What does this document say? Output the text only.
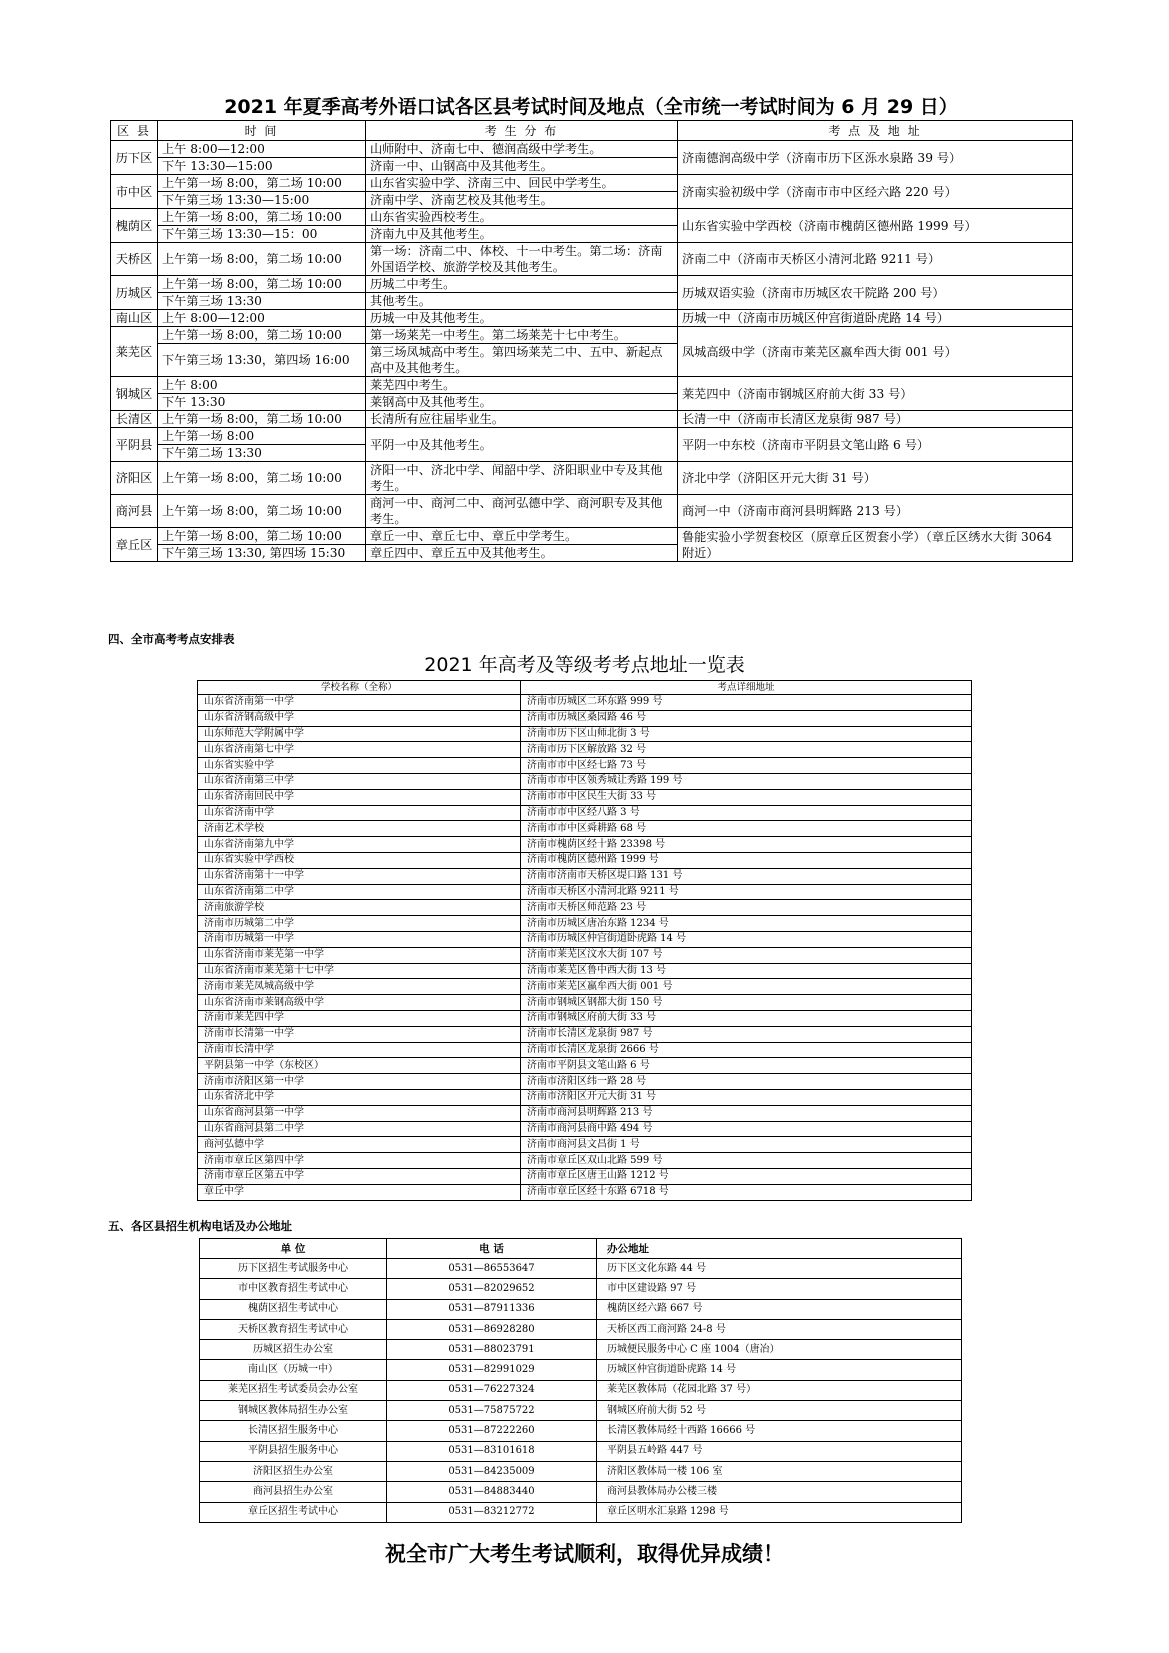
2021 年夏季高考外语口试各区县考试时间及地点（全市统一考试时间为 6 月 29 日）
区 县	时 间	考 生 分 布	考 点 及 地 址
历下区	上午 8:00—12:00	山师附中、济南七中、德润高级中学考生。	济南德润高级中学（济南市历下区泺水泉路 39 号）
	下午 13:30—15:00	济南一中、山钢高中及其他考生。	
市中区	上午第一场 8:00，第二场 10:00	山东省实验中学、济南三中、回民中学考生。	济南实验初级中学（济南市市中区经六路 220 号）
	下午第三场 13:30—15:00	济南中学、济南艺校及其他考生。	
槐荫区	上午第一场 8:00，第二场 10:00	山东省实验西校考生。	山东省实验中学西校（济南市槐荫区德州路 1999 号）
	下午第三场 13:30—15：00	济南九中及其他考生。	
天桥区	上午第一场 8:00，第二场 10:00	第一场：济南二中、体校、十一中考生。第二场：济南外国语学校、旅游学校及其他考生。	济南二中（济南市天桥区小清河北路 9211 号）
历城区	上午第一场 8:00，第二场 10:00	历城二中考生。	历城双语实验（济南市历城区农干院路 200 号）
	下午第三场 13:30	其他考生。	
南山区	上午 8:00—12:00	历城一中及其他考生。	历城一中（济南市历城区仲宫街道卧虎路 14 号）
莱芜区	上午第一场 8:00，第二场 10:00	第一场莱芜一中考生。第二场莱芜十七中考生。	凤城高级中学（济南市莱芜区嬴牟西大街 001 号）
	下午第三场 13:30，第四场 16:00	第三场凤城高中考生。第四场莱芜二中、五中、新起点高中及其他考生。	
钢城区	上午 8:00	莱芜四中考生。	莱芜四中（济南市钢城区府前大街 33 号）
	下午 13:30	莱钢高中及其他考生。	
长清区	上午第一场 8:00，第二场 10:00	长清所有应往届毕业生。	长清一中（济南市长清区龙泉街 987 号）
平阴县	上午第一场 8:00	平阴一中及其他考生。	平阴一中东校（济南市平阴县文笔山路 6 号）
	下午第二场 13:30		
济阳区	上午第一场 8:00，第二场 10:00	济阳一中、济北中学、闻韶中学、济阳职业中专及其他考生。	济北中学（济阳区开元大街 31 号）
商河县	上午第一场 8:00，第二场 10:00	商河一中、商河二中、商河弘德中学、商河职专及其他考生。	商河一中（济南市商河县明辉路 213 号）
章丘区	上午第一场 8:00，第二场 10:00	章丘一中、章丘七中、章丘中学考生。	鲁能实验小学贺套校区（原章丘区贺套小学）（章丘区绣水大街 3064 附近）
	下午第三场 13:30, 第四场 15:30	章丘四中、章丘五中及其他考生。	
四、全市高考考点安排表
2021 年高考及等级考考点地址一览表
学校名称（全称）	考点详细地址
山东省济南第一中学	济南市历城区二环东路 999 号
山东省济钢高级中学	济南市历城区桑园路 46 号
山东师范大学附属中学	济南市历下区山师北街 3 号
山东省济南第七中学	济南市历下区解放路 32 号
山东省实验中学	济南市市中区经七路 73 号
山东省济南第三中学	济南市市中区领秀城让秀路 199 号
山东省济南回民中学	济南市市中区民生大街 33 号
山东省济南中学	济南市市中区经八路 3 号
济南艺术学校	济南市市中区舜耕路 68 号
山东省济南第九中学	济南市槐荫区经十路 23398 号
山东省实验中学西校	济南市槐荫区德州路 1999 号
山东省济南第十一中学	济南市济南市天桥区堤口路 131 号
山东省济南第二中学	济南市天桥区小清河北路 9211 号
济南旅游学校	济南市天桥区师范路 23 号
济南市历城第二中学	济南市历城区唐冶东路 1234 号
济南市历城第一中学	济南市历城区仲宫街道卧虎路 14 号
山东省济南市莱芜第一中学	济南市莱芜区汶水大街 107 号
山东省济南市莱芜第十七中学	济南市莱芜区鲁中西大街 13 号
济南市莱芜凤城高级中学	济南市莱芜区嬴牟西大街 001 号
山东省济南市莱钢高级中学	济南市钢城区钢都大街 150 号
济南市莱芜四中学	济南市钢城区府前大街 33 号
济南市长清第一中学	济南市长清区龙泉街 987 号
济南市长清中学	济南市长清区龙泉街 2666 号
平阴县第一中学（东校区）	济南市平阴县文笔山路 6 号
济南市济阳区第一中学	济南市济阳区纬一路 28 号
山东省济北中学	济南市济阳区开元大街 31 号
山东省商河县第一中学	济南市商河县明辉路 213 号
山东省商河县第二中学	济南市商河县商中路 494 号
商河弘德中学	济南市商河县文昌街 1 号
济南市章丘区第四中学	济南市章丘区双山北路 599 号
济南市章丘区第五中学	济南市章丘区唐王山路 1212 号
章丘中学	济南市章丘区经十东路 6718 号
五、各区县招生机构电话及办公地址
单 位	电 话	办公地址
历下区招生考试服务中心	0531—86553647	历下区文化东路 44 号
市中区教育招生考试中心	0531—82029652	市中区建设路 97 号
槐荫区招生考试中心	0531—87911336	槐荫区经六路 667 号
天桥区教育招生考试中心	0531—86928280	天桥区西工商河路 24-8 号
历城区招生办公室	0531—88023791	历城便民服务中心 C 座 1004（唐冶）
南山区（历城一中）	0531—82991029	历城区仲宫街道卧虎路 14 号
莱芜区招生考试委员会办公室	0531—76227324	莱芜区教体局（花园北路 37 号）
钢城区教体局招生办公室	0531—75875722	钢城区府前大街 52 号
长清区招生服务中心	0531—87222260	长清区教体局经十西路 16666 号
平阴县招生服务中心	0531—83101618	平阴县五岭路 447 号
济阳区招生办公室	0531—84235009	济阳区教体局一楼 106 室
商河县招生办公室	0531—84883440	商河县教体局办公楼三楼
章丘区招生考试中心	0531—83212772	章丘区明水汇泉路 1298 号
祝全市广大考生考试顺利，取得优异成绩！
